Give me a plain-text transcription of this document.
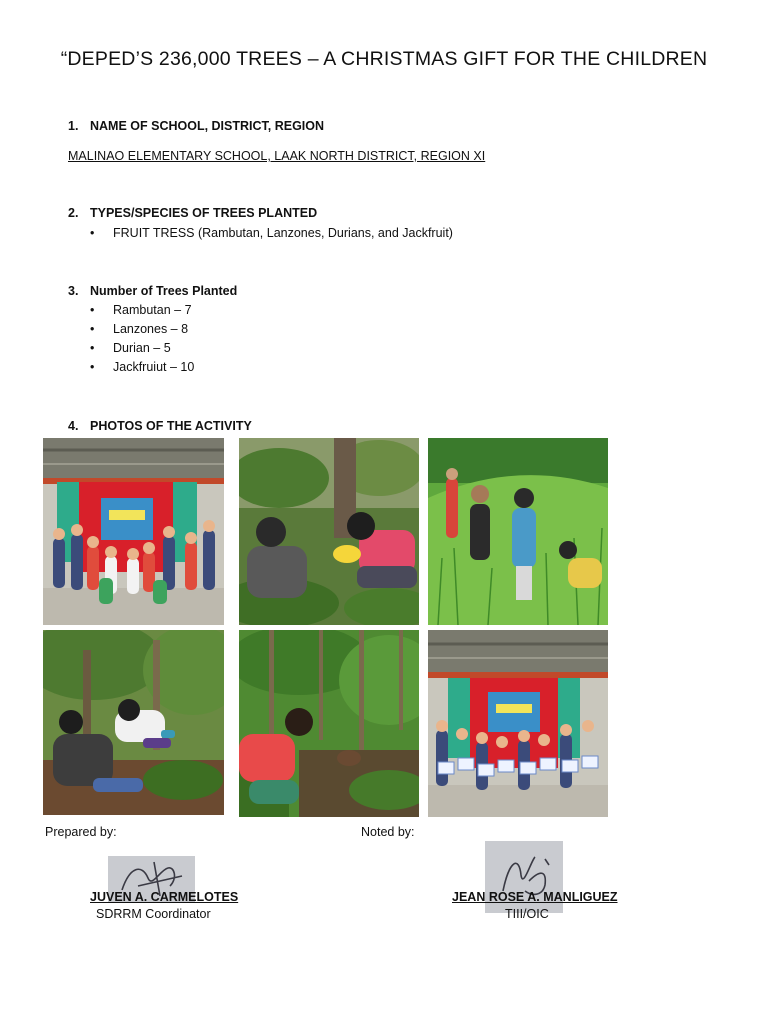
“DEPED’S 236,000 TREES – A CHRISTMAS GIFT FOR THE CHILDREN
1. NAME OF SCHOOL, DISTRICT, REGION
MALINAO ELEMENTARY SCHOOL, LAAK NORTH DISTRICT, REGION XI
2. TYPES/SPECIES OF TREES PLANTED
• FRUIT TRESS (Rambutan, Lanzones, Durians, and Jackfruit)
3. Number of Trees Planted
• Rambutan – 7
• Lanzones – 8
• Durian – 5
• Jackfruiut – 10
4. PHOTOS OF THE ACTIVITY
Prepared by:	Noted by:
JUVEN A. CARMELOTES
SDRRM Coordinator
JEAN ROSE A. MANLIGUEZ
TIII/OIC
